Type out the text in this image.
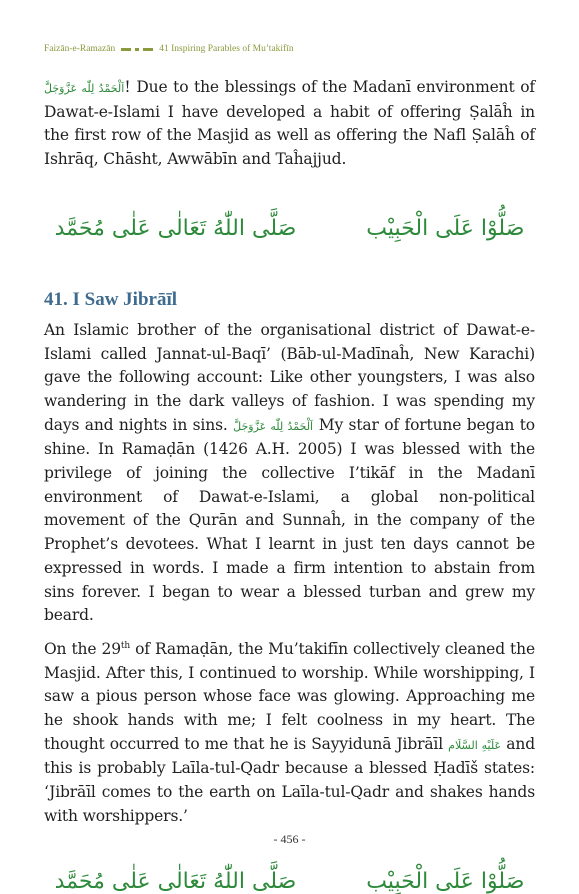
Faizān-e-Ramazān	41 Inspiring Parables of Mu’takifīn

اَلْحَمْدُ لِلّٰه عَزَّوَجَلَّ! Due to the blessings of the Madanī environment of Dawat-e-Islami I have developed a habit of offering Ṣalāĥ in the first row of the Masjid as well as offering the Nafl Ṣalāĥ of Ishrāq, Chāsht, Awwābīn and Taĥajjud.

صَلُّوْا عَلَى الْحَبِيْب
صَلَّى اللّٰهُ تَعَالٰى عَلٰى مُحَمَّد
41. I Saw Jibrāīl

An Islamic brother of the organisational district of Dawat-e-Islami called Jannat-ul-Baqī’ (Bāb-ul-Madīnaĥ, New Karachi) gave the following account: Like other youngsters, I was also wandering in the dark valleys of fashion. I was spending my days and nights in sins. اَلْحَمْدُ لِلّٰه عَزَّوَجَلَّ My star of fortune began to shine. In Ramaḍān (1426 A.H. 2005) I was blessed with the privilege of joining the collective I’tikāf in the Madanī environment of Dawat-e-Islami, a global non-political movement of the Qurān and Sunnaĥ, in the company of the Prophet’s devotees. What I learnt in just ten days cannot be expressed in words. I made a firm intention to abstain from sins forever. I began to wear a blessed turban and grew my beard.

On the 29th of Ramaḍān, the Mu’takifīn collectively cleaned the Masjid. After this, I continued to worship. While worshipping, I saw a pious person whose face was glowing. Approaching me he shook hands with me; I felt coolness in my heart. The thought occurred to me that he is Sayyidunā Jibrāīl عَلَيْهِ السَّلَام and this is probably Laīla-tul-Qadr because a blessed Ḥadīš states: ‘Jibrāīl comes to the earth on Laīla-tul-Qadr and shakes hands with worshippers.’

صَلُّوْا عَلَى الْحَبِيْب
صَلَّى اللّٰهُ تَعَالٰى عَلٰى مُحَمَّد
- 456 -
